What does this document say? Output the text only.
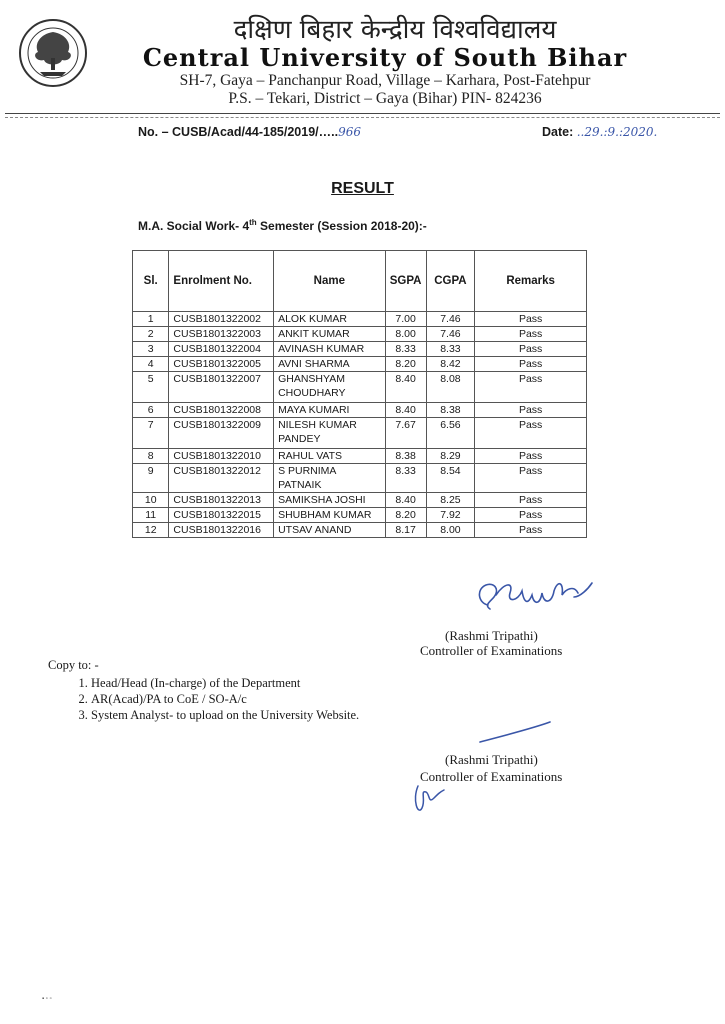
दक्षिण बिहार केन्द्रीय विश्वविद्यालय
Central University of South Bihar
SH-7, Gaya – Panchanpur Road, Village – Karhara, Post-Fatehpur
P.S. – Tekari, District – Gaya (Bihar) PIN- 824236
No. – CUSB/Acad/44-185/2019/…..966	Date: ..29.:9.:2020.
RESULT
M.A. Social Work- 4th Semester (Session 2018-20):-
Sl.	Enrolment No.	Name	SGPA	CGPA	Remarks
1	CUSB1801322002	ALOK KUMAR	7.00	7.46	Pass
2	CUSB1801322003	ANKIT KUMAR	8.00	7.46	Pass
3	CUSB1801322004	AVINASH KUMAR	8.33	8.33	Pass
4	CUSB1801322005	AVNI SHARMA	8.20	8.42	Pass
5	CUSB1801322007	GHANSHYAM CHOUDHARY	8.40	8.08	Pass
6	CUSB1801322008	MAYA KUMARI	8.40	8.38	Pass
7	CUSB1801322009	NILESH KUMAR PANDEY	7.67	6.56	Pass
8	CUSB1801322010	RAHUL VATS	8.38	8.29	Pass
9	CUSB1801322012	S PURNIMA PATNAIK	8.33	8.54	Pass
10	CUSB1801322013	SAMIKSHA JOSHI	8.40	8.25	Pass
11	CUSB1801322015	SHUBHAM KUMAR	8.20	7.92	Pass
12	CUSB1801322016	UTSAV ANAND	8.17	8.00	Pass
(Rashmi Tripathi)
Controller of Examinations
Copy to: -
1. Head/Head (In-charge) of the Department
2. AR(Acad)/PA to CoE / SO-A/c
3. System Analyst- to upload on the University Website.
(Rashmi Tripathi)
Controller of Examinations
▪ ▫ ▫
